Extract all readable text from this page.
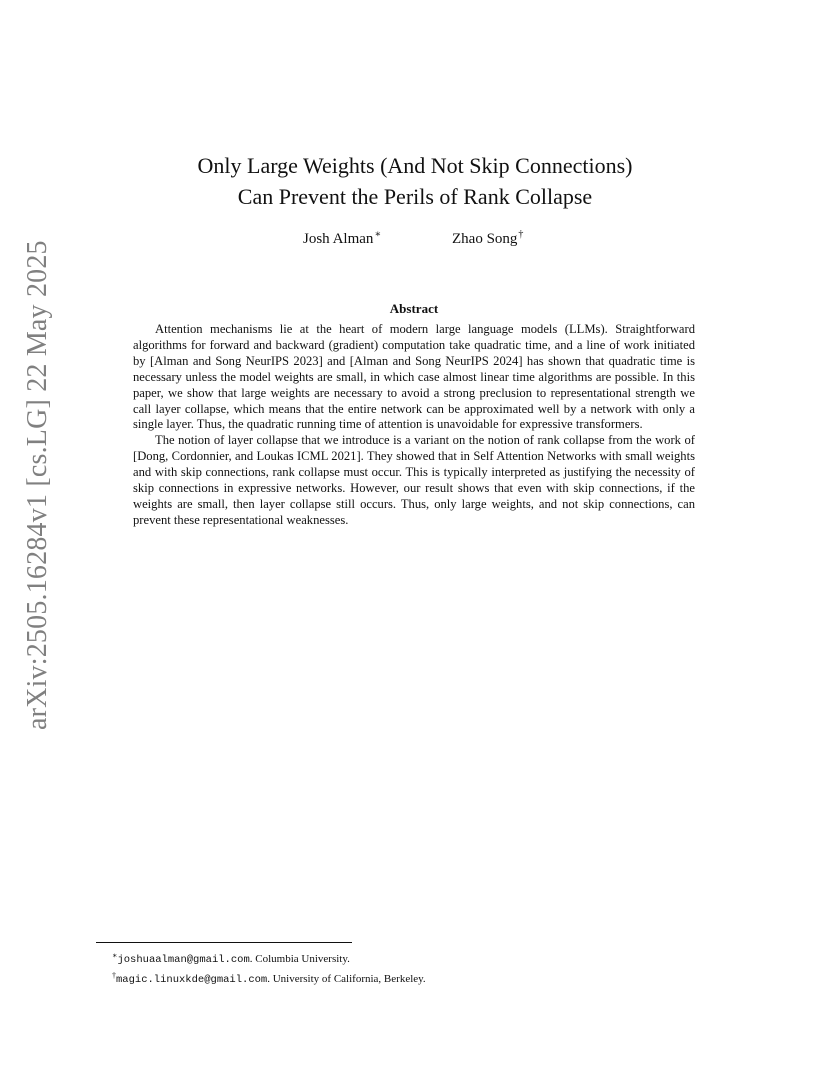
arXiv:2505.16284v1 [cs.LG] 22 May 2025
Only Large Weights (And Not Skip Connections)
Can Prevent the Perils of Rank Collapse
Josh Alman∗	Zhao Song†
Abstract

Attention mechanisms lie at the heart of modern large language models (LLMs). Straightforward algorithms for forward and backward (gradient) computation take quadratic time, and a line of work initiated by [Alman and Song NeurIPS 2023] and [Alman and Song NeurIPS 2024] has shown that quadratic time is necessary unless the model weights are small, in which case almost linear time algorithms are possible. In this paper, we show that large weights are necessary to avoid a strong preclusion to representational strength we call layer collapse, which means that the entire network can be approximated well by a network with only a single layer. Thus, the quadratic running time of attention is unavoidable for expressive transformers.

The notion of layer collapse that we introduce is a variant on the notion of rank collapse from the work of [Dong, Cordonnier, and Loukas ICML 2021]. They showed that in Self Attention Networks with small weights and with skip connections, rank collapse must occur. This is typically interpreted as justifying the necessity of skip connections in expressive networks. However, our result shows that even with skip connections, if the weights are small, then layer collapse still occurs. Thus, only large weights, and not skip connections, can prevent these representational weaknesses.

∗joshuaalman@gmail.com. Columbia University.
†magic.linuxkde@gmail.com. University of California, Berkeley.
